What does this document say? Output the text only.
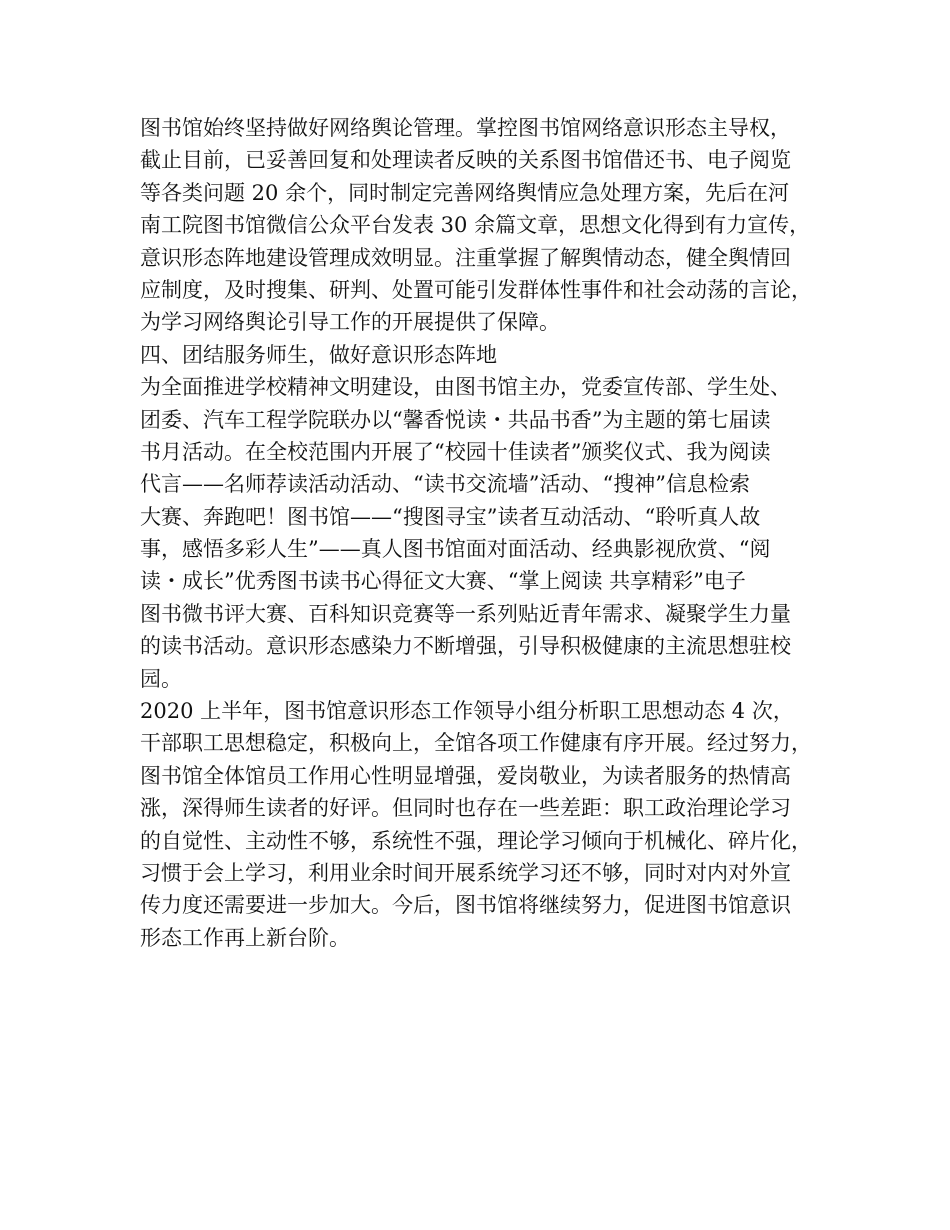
图书馆始终坚持做好网络舆论管理。掌控图书馆网络意识形态主导权，
截止目前，已妥善回复和处理读者反映的关系图书馆借还书、电子阅览
等各类问题 20 余个，同时制定完善网络舆情应急处理方案，先后在河
南工院图书馆微信公众平台发表 30 余篇文章，思想文化得到有力宣传，
意识形态阵地建设管理成效明显。注重掌握了解舆情动态，健全舆情回
应制度，及时搜集、研判、处置可能引发群体性事件和社会动荡的言论，
为学习网络舆论引导工作的开展提供了保障。
四、团结服务师生，做好意识形态阵地
为全面推进学校精神文明建设，由图书馆主办，党委宣传部、学生处、
团委、汽车工程学院联办以“馨香悦读・共品书香”为主题的第七届读
书月活动。在全校范围内开展了“校园十佳读者”颁奖仪式、我为阅读
代言——名师荐读活动活动、“读书交流墙”活动、“搜神”信息检索
大赛、奔跑吧！图书馆——“搜图寻宝”读者互动活动、“聆听真人故
事，感悟多彩人生”——真人图书馆面对面活动、经典影视欣赏、“阅
读・成长”优秀图书读书心得征文大赛、“掌上阅读 共享精彩”电子
图书微书评大赛、百科知识竞赛等一系列贴近青年需求、凝聚学生力量
的读书活动。意识形态感染力不断增强，引导积极健康的主流思想驻校
园。
2020 上半年，图书馆意识形态工作领导小组分析职工思想动态 4 次，
干部职工思想稳定，积极向上，全馆各项工作健康有序开展。经过努力，
图书馆全体馆员工作用心性明显增强，爱岗敬业，为读者服务的热情高
涨，深得师生读者的好评。但同时也存在一些差距：职工政治理论学习
的自觉性、主动性不够，系统性不强，理论学习倾向于机械化、碎片化，
习惯于会上学习，利用业余时间开展系统学习还不够，同时对内对外宣
传力度还需要进一步加大。今后，图书馆将继续努力，促进图书馆意识
形态工作再上新台阶。
